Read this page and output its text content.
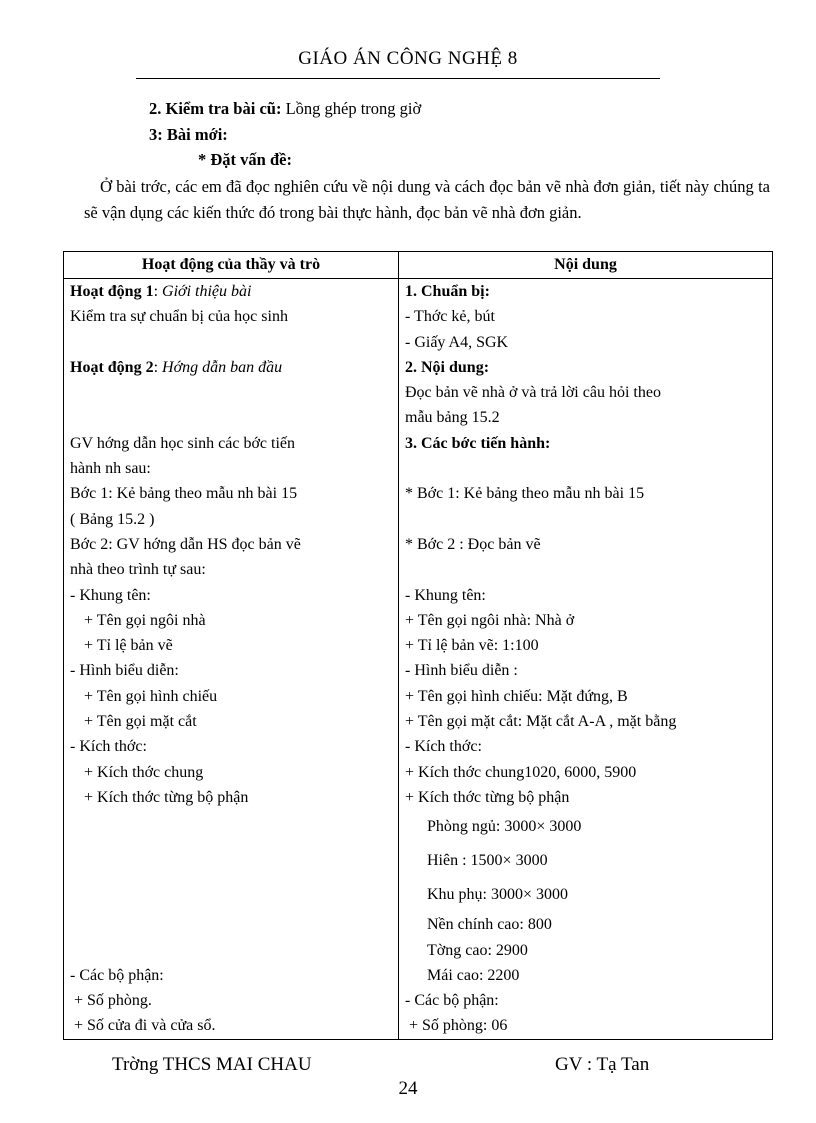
GIÁO ÁN CÔNG NGHỆ 8
2. Kiểm tra bài cũ: Lồng ghép trong giờ
3: Bài mới:
* Đặt vấn đề:
Ở bài trớc, các em đã đọc nghiên cứu về nội dung và cách đọc bản vẽ nhà đơn giản, tiết này chúng ta sẽ vận dụng các kiến thức đó trong bài thực hành, đọc bản vẽ nhà đơn giản.
Hoạt động của thầy và trò	Nội dung
Hoạt động 1: Giới thiệu bài	1. Chuẩn bị:
Kiểm tra sự chuẩn bị của học sinh	- Thớc kẻ, bút
	- Giấy A4, SGK
Hoạt động 2: Hớng dẫn ban đầu	2. Nội dung:
	Đọc bản vẽ nhà ở và trả lời câu hỏi theo
	mẫu bảng 15.2
GV hớng dẫn học sinh các bớc tiến	3. Các bớc tiến hành:
hành nh sau:	
Bớc 1: Kẻ bảng theo mẫu nh bài 15	* Bớc 1: Kẻ bảng theo mẫu nh bài 15
( Bảng 15.2 )	
Bớc 2: GV hớng dẫn HS đọc bản vẽ	* Bớc 2 : Đọc bản vẽ
nhà theo trình tự sau:	
- Khung tên:	- Khung tên:
+ Tên gọi ngôi nhà	+ Tên gọi ngôi nhà: Nhà ở
+ Tỉ lệ bản vẽ	+ Tỉ lệ bản vẽ: 1:100
- Hình biểu diễn:	- Hình biểu diễn :
+ Tên gọi hình chiếu	+ Tên gọi hình chiếu: Mặt đứng, B
+ Tên gọi mặt cắt	+ Tên gọi mặt cắt: Mặt cắt A-A , mặt bằng
- Kích thớc:	- Kích thớc:
+ Kích thớc chung	+ Kích thớc chung1020, 6000, 5900
+ Kích thớc từng bộ phận	+ Kích thớc từng bộ phận
	Phòng ngủ: 3000× 3000
	Hiên : 1500× 3000
	Khu phụ: 3000× 3000
	Nền chính cao: 800
	Tờng cao: 2900
- Các bộ phận:	Mái cao: 2200
+ Số phòng.	- Các bộ phận:
+ Số cửa đi và cửa sổ.	+ Số phòng: 06
Trờng THCS MAI CHAU	GV : Tạ Tan
24
